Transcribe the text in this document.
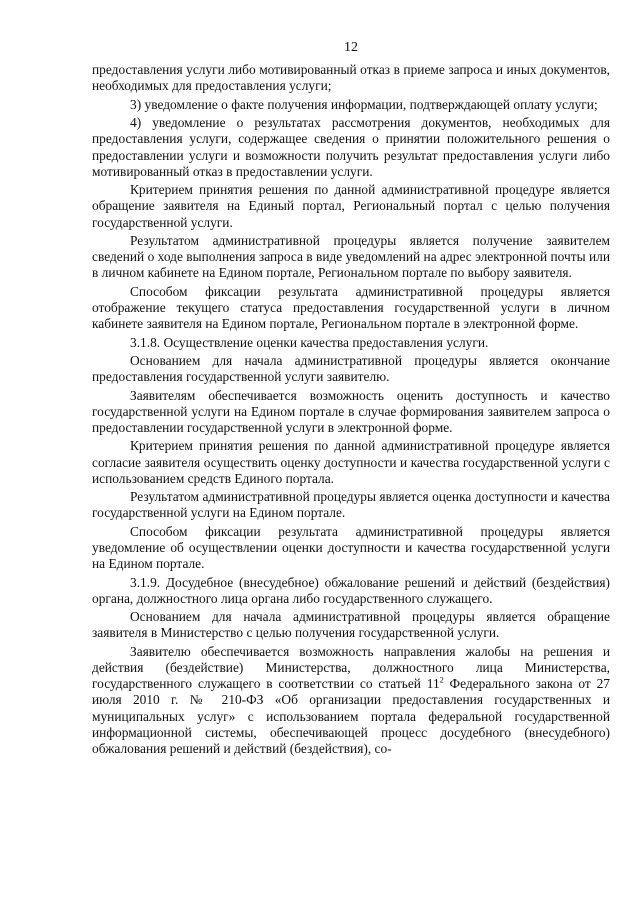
12

предоставления услуги либо мотивированный отказ в приеме запроса и иных документов, необходимых для предоставления услуги;

3) уведомление о факте получения информации, подтверждающей оплату услуги;

4) уведомление о результатах рассмотрения документов, необходимых для предоставления услуги, содержащее сведения о принятии положительного решения о предоставлении услуги и возможности получить результат предоставления услуги либо мотивированный отказ в предоставлении услуги.

Критерием принятия решения по данной административной процедуре является обращение заявителя на Единый портал, Региональный портал с целью получения государственной услуги.

Результатом административной процедуры является получение заявителем сведений о ходе выполнения запроса в виде уведомлений на адрес электронной почты или в личном кабинете на Едином портале, Региональном портале по выбору заявителя.

Способом фиксации результата административной процедуры является отображение текущего статуса предоставления государственной услуги в личном кабинете заявителя на Едином портале, Региональном портале в электронной форме.

3.1.8. Осуществление оценки качества предоставления услуги.

Основанием для начала административной процедуры является окончание предоставления государственной услуги заявителю.

Заявителям обеспечивается возможность оценить доступность и качество государственной услуги на Едином портале в случае формирования заявителем запроса о предоставлении государственной услуги в электронной форме.

Критерием принятия решения по данной административной процедуре является согласие заявителя осуществить оценку доступности и качества государственной услуги с использованием средств Единого портала.

Результатом административной процедуры является оценка доступности и качества государственной услуги на Едином портале.

Способом фиксации результата административной процедуры является уведомление об осуществлении оценки доступности и качества государственной услуги на Едином портале.

3.1.9. Досудебное (внесудебное) обжалование решений и действий (бездействия) органа, должностного лица органа либо государственного служащего.

Основанием для начала административной процедуры является обращение заявителя в Министерство с целью получения государственной услуги.

Заявителю обеспечивается возможность направления жалобы на решения и действия (бездействие) Министерства, должностного лица Министерства, государственного служащего в соответствии со статьей $11^2$ Федерального закона от 27 июля 2010 г. № 210-ФЗ «Об организации предоставления государственных и муниципальных услуг» с использованием портала федеральной государственной информационной системы, обеспечивающей процесс досудебного (внесудебного) обжалования решений и действий (бездействия), со-
